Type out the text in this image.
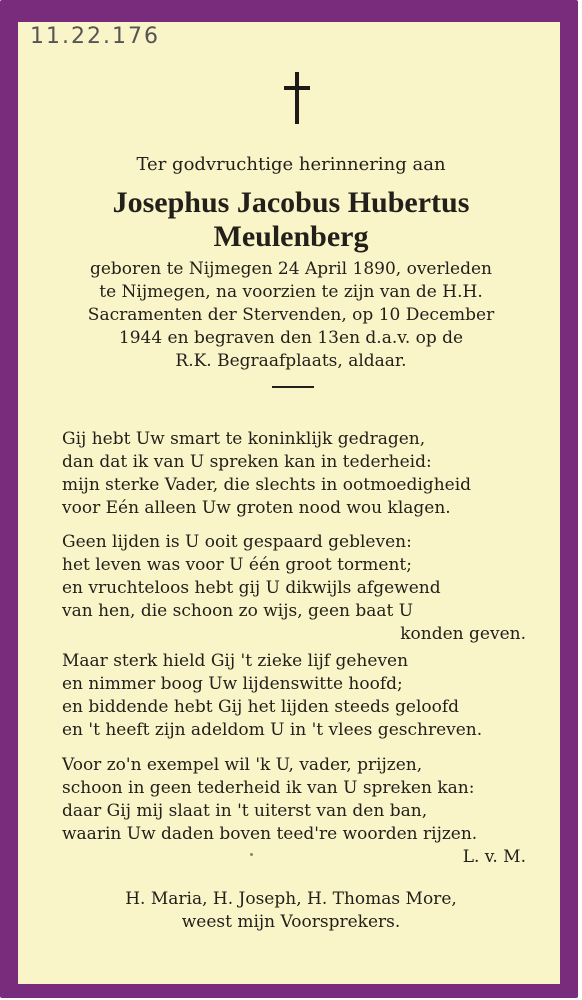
11.22.176
Ter godvruchtige herinnering aan
Josephus Jacobus Hubertus
Meulenberg
geboren te Nijmegen 24 April 1890, overleden
te Nijmegen, na voorzien te zijn van de H.H.
Sacramenten der Stervenden, op 10 December
1944 en begraven den 13en d.a.v. op de
R.K. Begraafplaats, aldaar.
Gij hebt Uw smart te koninklijk gedragen,
dan dat ik van U spreken kan in tederheid:
mijn sterke Vader, die slechts in ootmoedigheid
voor Eén alleen Uw groten nood wou klagen.
Geen lijden is U ooit gespaard gebleven:
het leven was voor U één groot torment;
en vruchteloos hebt gij U dikwijls afgewend
van hen, die schoon zo wijs, geen baat U
konden geven.
Maar sterk hield Gij 't zieke lijf geheven
en nimmer boog Uw lijdenswitte hoofd;
en biddende hebt Gij het lijden steeds geloofd
en 't heeft zijn adeldom U in 't vlees geschreven.
Voor zo'n exempel wil 'k U, vader, prijzen,
schoon in geen tederheid ik van U spreken kan:
daar Gij mij slaat in 't uiterst van den ban,
waarin Uw daden boven teed're woorden rijzen.
L. v. M.
H. Maria, H. Joseph, H. Thomas More,
weest mijn Voorsprekers.
